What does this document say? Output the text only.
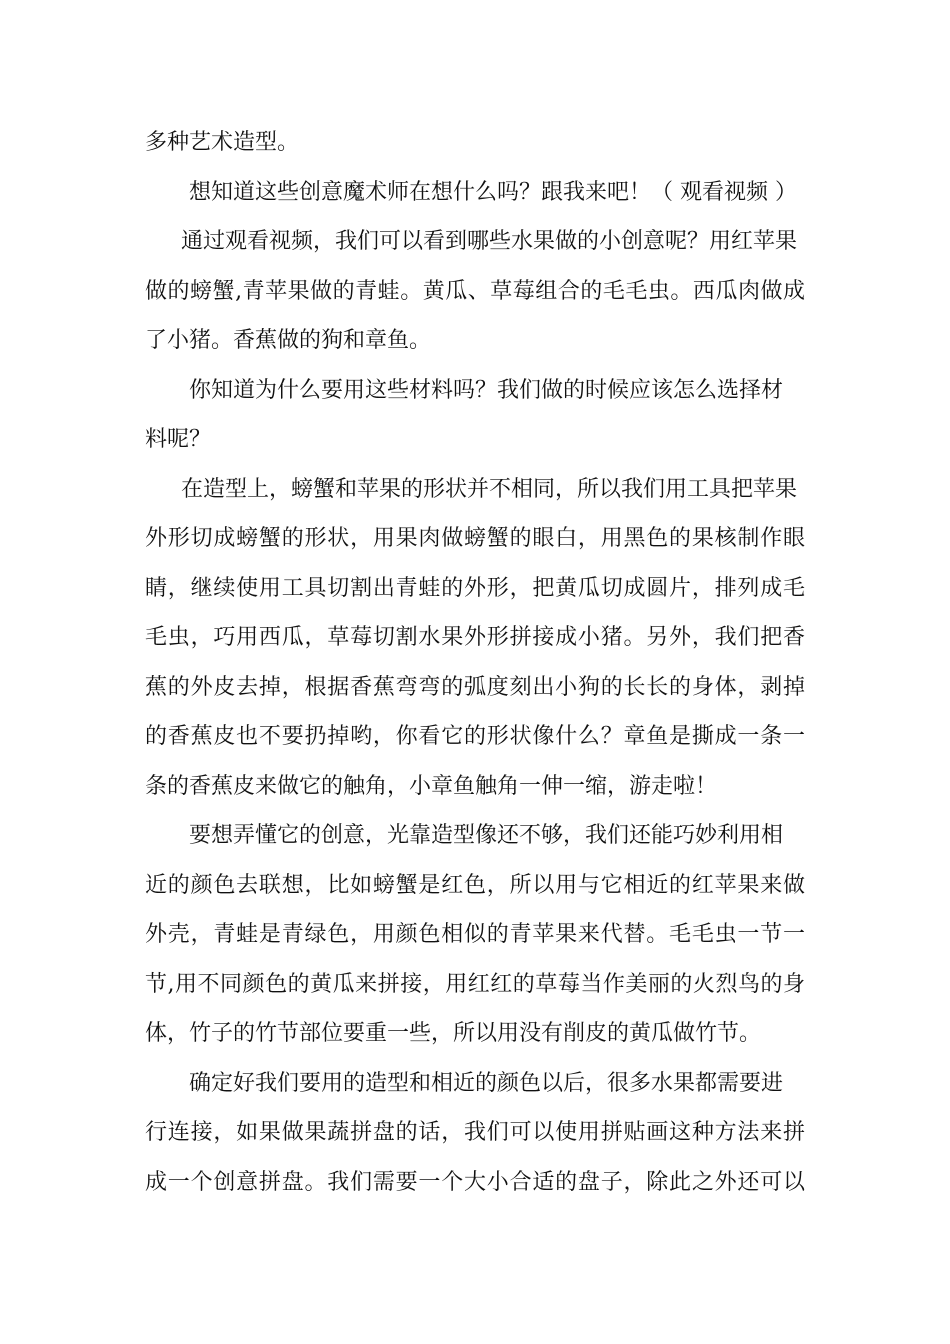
多种艺术造型。
想知道这些创意魔术师在想什么吗？跟我来吧！（ 观看视频 ）
通过观看视频，我们可以看到哪些水果做的小创意呢？用红苹果
做的螃蟹,青苹果做的青蛙。黄瓜、草莓组合的毛毛虫。西瓜肉做成
了小猪。香蕉做的狗和章鱼。
你知道为什么要用这些材料吗？我们做的时候应该怎么选择材
料呢？
在造型上，螃蟹和苹果的形状并不相同，所以我们用工具把苹果
外形切成螃蟹的形状，用果肉做螃蟹的眼白，用黑色的果核制作眼
睛，继续使用工具切割出青蛙的外形，把黄瓜切成圆片，排列成毛
毛虫，巧用西瓜，草莓切割水果外形拼接成小猪。另外，我们把香
蕉的外皮去掉，根据香蕉弯弯的弧度刻出小狗的长长的身体，剥掉
的香蕉皮也不要扔掉哟，你看它的形状像什么？章鱼是撕成一条一
条的香蕉皮来做它的触角，小章鱼触角一伸一缩，游走啦！
要想弄懂它的创意，光靠造型像还不够，我们还能巧妙利用相
近的颜色去联想，比如螃蟹是红色，所以用与它相近的红苹果来做
外壳，青蛙是青绿色，用颜色相似的青苹果来代替。毛毛虫一节一
节,用不同颜色的黄瓜来拼接，用红红的草莓当作美丽的火烈鸟的身
体，竹子的竹节部位要重一些，所以用没有削皮的黄瓜做竹节。
确定好我们要用的造型和相近的颜色以后，很多水果都需要进
行连接，如果做果蔬拼盘的话，我们可以使用拼贴画这种方法来拼
成一个创意拼盘。我们需要一个大小合适的盘子，除此之外还可以
